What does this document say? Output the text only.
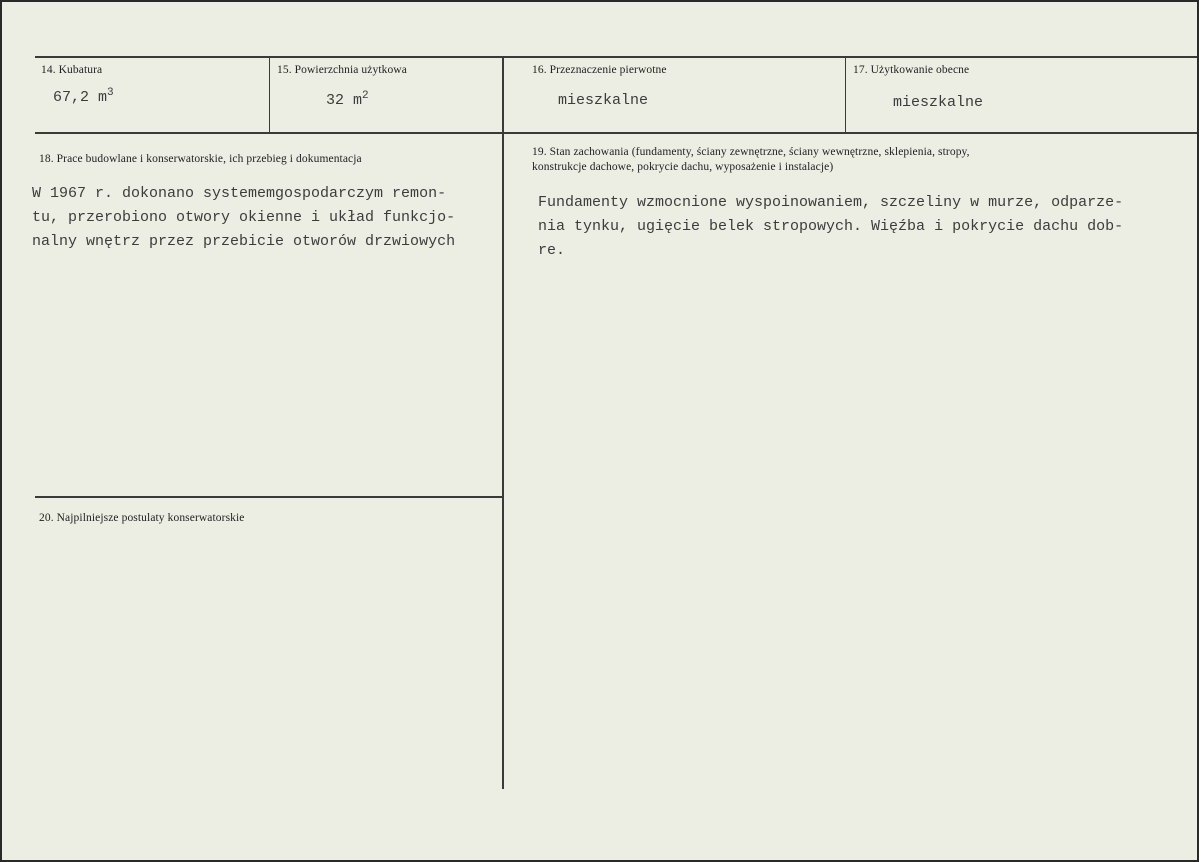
14. Kubatura
67,2 $m^3$
15. Powierzchnia użytkowa
32 $m^2$
16. Przeznaczenie pierwotne
mieszkalne
17. Użytkowanie obecne
mieszkalne
18. Prace budowlane i konserwatorskie, ich przebieg i dokumentacja
W 1967 r. dokonano systememgospodarczym remon-
tu, przerobiono otwory okienne i układ funkcjo-
nalny wnętrz przez przebicie otworów drzwiowych
19. Stan zachowania (fundamenty, ściany zewnętrzne, ściany wewnętrzne, sklepienia, stropy,
konstrukcje dachowe, pokrycie dachu, wyposażenie i instalacje)
Fundamenty wzmocnione wyspoinowaniem, szczeliny w murze, odparze-
nia tynku, ugięcie belek stropowych. Więźba i pokrycie dachu dob-
re.
20. Najpilniejsze postulaty konserwatorskie
